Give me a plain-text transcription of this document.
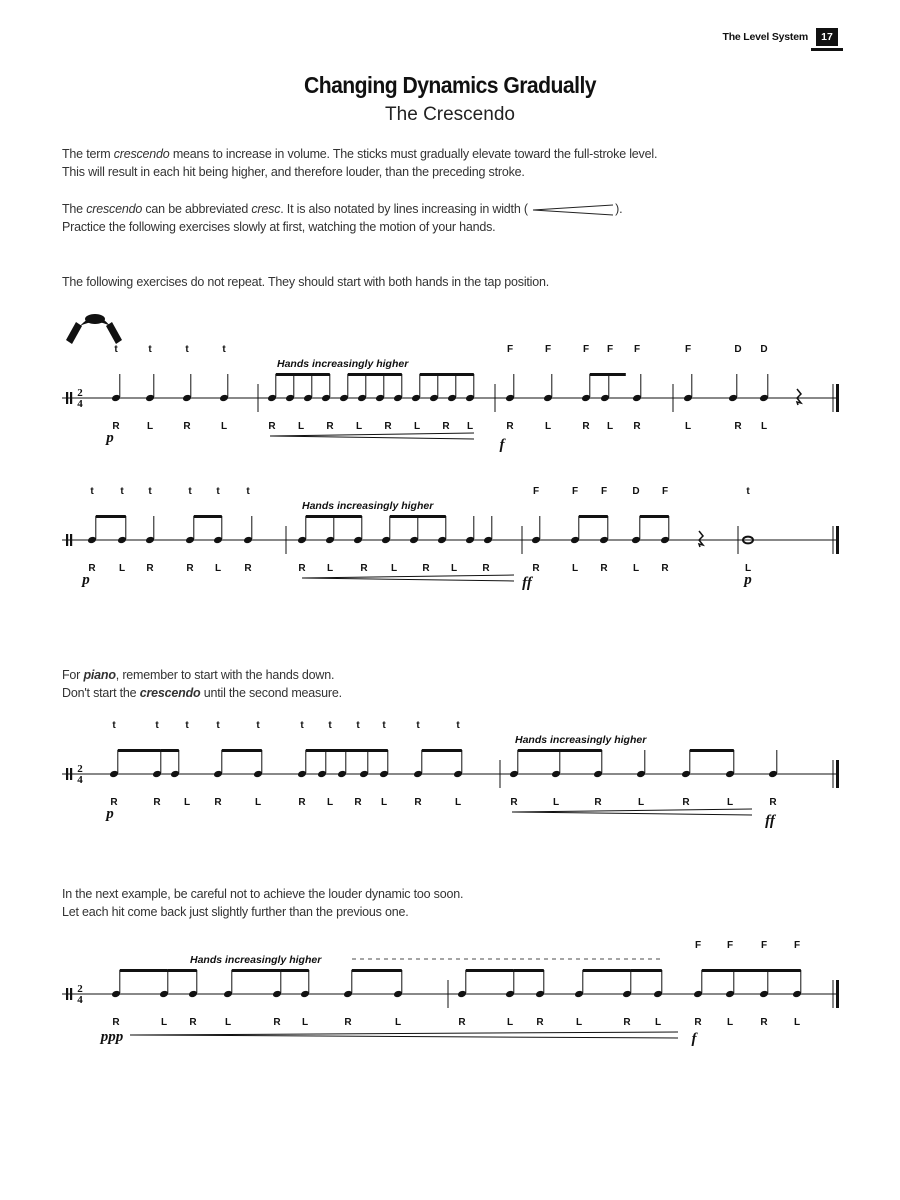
The Level System	17
Changing Dynamics Gradually
The Crescendo
The term crescendo means to increase in volume. The sticks must gradually elevate toward the full-stroke level.
This will result in each hit being higher, and therefore louder, than the preceding stroke.
The crescendo can be abbreviated cresc. It is also notated by lines increasing in width (	).
Practice the following exercises slowly at first, watching the motion of your hands.
The following exercises do not repeat. They should start with both hands in the tap position.
For piano, remember to start with the hands down.
Don't start the crescendo until the second measure.
In the next example, be careful not to achieve the louder dynamic too soon.
Let each hit come back just slightly further than the previous one.
2
4
Hands increasingly higher
t	t	t	t	F	F	F F F	F	D D
R	L	R	L	R L R L R L R L	R	L	R L R	L	R L
p	f
Hands increasingly higher
t	t t	t t	t	F	F F	D F	t
R L R	R L R	R L	R L	R L	R	R	L R	L R	L
p	ff	p
2
4
Hands increasingly higher
t	t	t	t	t	t t t t	t	t
R	R L R	L	R L R L	R	L	R	L	R	L	R	L	R
p	ff
2
4
Hands increasingly higher
F	F	F	F
R	L R	L	R L	R	L	R	L R	L	R L	R	L	R	L
ppp	f
